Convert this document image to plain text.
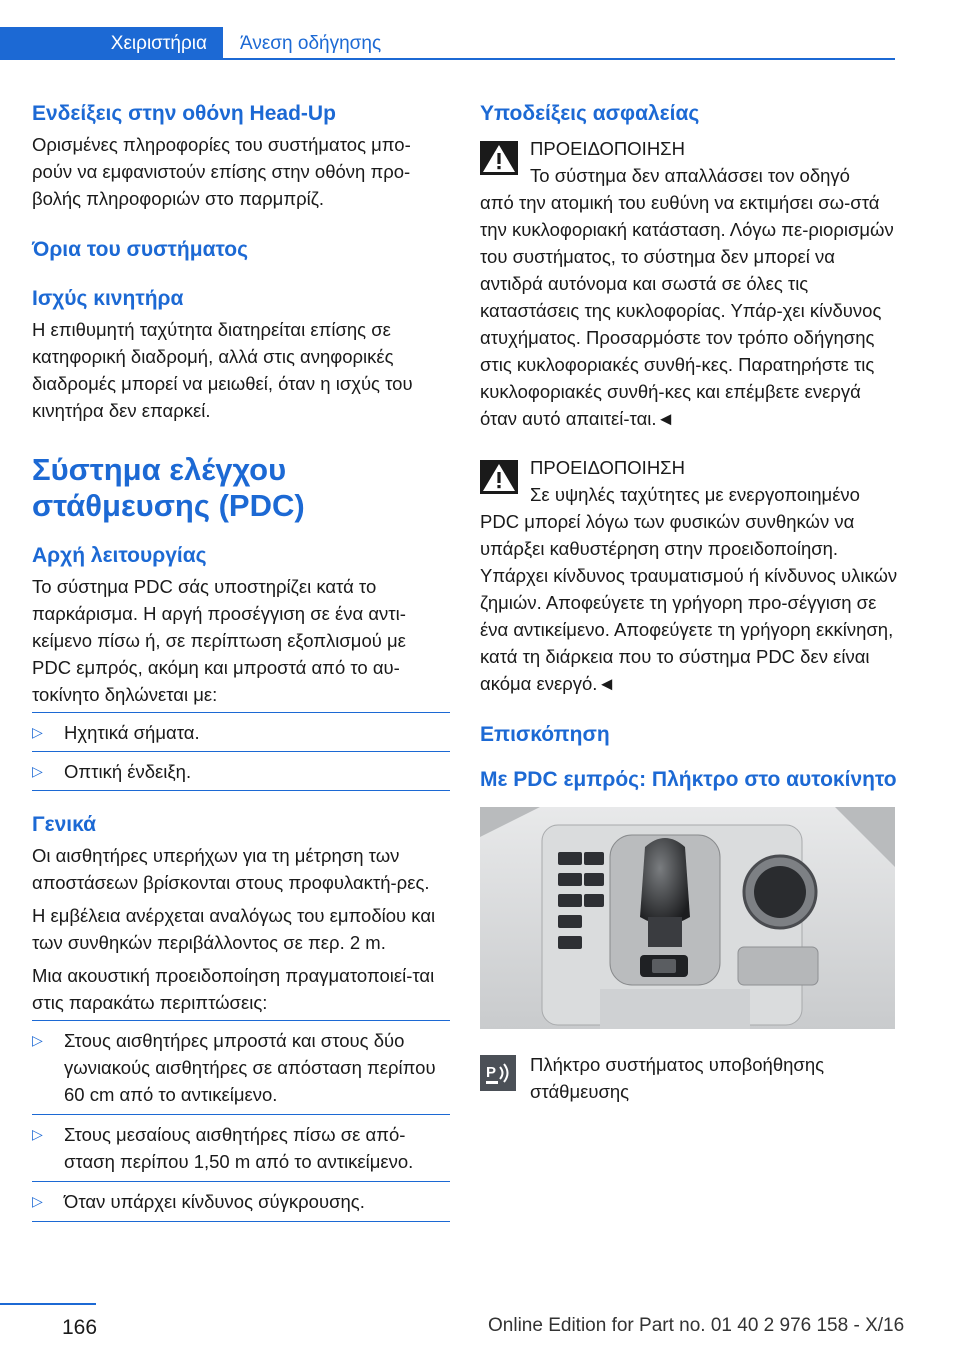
Χειριστήρια	Άνεση οδήγησης
Ενδείξεις στην οθόνη Head-Up

Ορισμένες πληροφορίες του συστήματος μπο-ρούν να εμφανιστούν επίσης στην οθόνη προ-βολής πληροφοριών στο παρμπρίζ.

Όρια του συστήματος
Ισχύς κινητήρα

Η επιθυμητή ταχύτητα διατηρείται επίσης σε κατηφορική διαδρομή, αλλά στις ανηφορικές διαδρομές μπορεί να μειωθεί, όταν η ισχύς του κινητήρα δεν επαρκεί.

Σύστημα ελέγχου
στάθμευσης (PDC)
Αρχή λειτουργίας

Το σύστημα PDC σάς υποστηρίζει κατά το παρκάρισμα. Η αργή προσέγγιση σε ένα αντι-κείμενο πίσω ή, σε περίπτωση εξοπλισμού με PDC εμπρός, ακόμη και μπροστά από το αυ-τοκίνητο δηλώνεται με:

▷ Ηχητικά σήματα.
▷ Οπτική ένδειξη.
Γενικά

Οι αισθητήρες υπερήχων για τη μέτρηση των αποστάσεων βρίσκονται στους προφυλακτή-ρες.

Η εμβέλεια ανέρχεται αναλόγως του εμποδίου και των συνθηκών περιβάλλοντος σε περ. 2 m.

Μια ακουστική προειδοποίηση πραγματοποιεί-ται στις παρακάτω περιπτώσεις:

▷ Στους αισθητήρες μπροστά και στους δύο γωνιακούς αισθητήρες σε απόσταση περίπου 60 cm από το αντικείμενο.
▷ Στους μεσαίους αισθητήρες πίσω σε από-σταση περίπου 1,50 m από το αντικείμενο.
▷ Όταν υπάρχει κίνδυνος σύγκρουσης.
Υποδείξεις ασφαλείας
ΠΡΟΕΙΔΟΠΟΙΗΣΗ
Το σύστημα δεν απαλλάσσει τον οδηγό

από την ατομική του ευθύνη να εκτιμήσει σω-στά την κυκλοφοριακή κατάσταση. Λόγω πε-ριορισμών του συστήματος, το σύστημα δεν μπορεί να αντιδρά αυτόνομα και σωστά σε όλες τις καταστάσεις της κυκλοφορίας. Υπάρ-χει κίνδυνος ατυχήματος. Προσαρμόστε τον τρόπο οδήγησης στις κυκλοφοριακές συνθή-κες. Παρατηρήστε τις κυκλοφοριακές συνθή-κες και επέμβετε ενεργά όταν αυτό απαιτεί-ται.◄

ΠΡΟΕΙΔΟΠΟΙΗΣΗ
Σε υψηλές ταχύτητες με ενεργοποιημένο

PDC μπορεί λόγω των φυσικών συνθηκών να υπάρξει καθυστέρηση στην προειδοποίηση. Υπάρχει κίνδυνος τραυματισμού ή κίνδυνος υλικών ζημιών. Αποφεύγετε τη γρήγορη προ-σέγγιση σε ένα αντικείμενο. Αποφεύγετε τη γρήγορη εκκίνηση, κατά τη διάρκεια που το σύστημα PDC δεν είναι ακόμα ενεργό.◄

Επισκόπηση
Με PDC εμπρός: Πλήκτρο στο αυτοκίνητο
P	Πλήκτρο συστήματος υποβοήθησης στάθμευσης
166	Online Edition for Part no. 01 40 2 976 158 - X/16
